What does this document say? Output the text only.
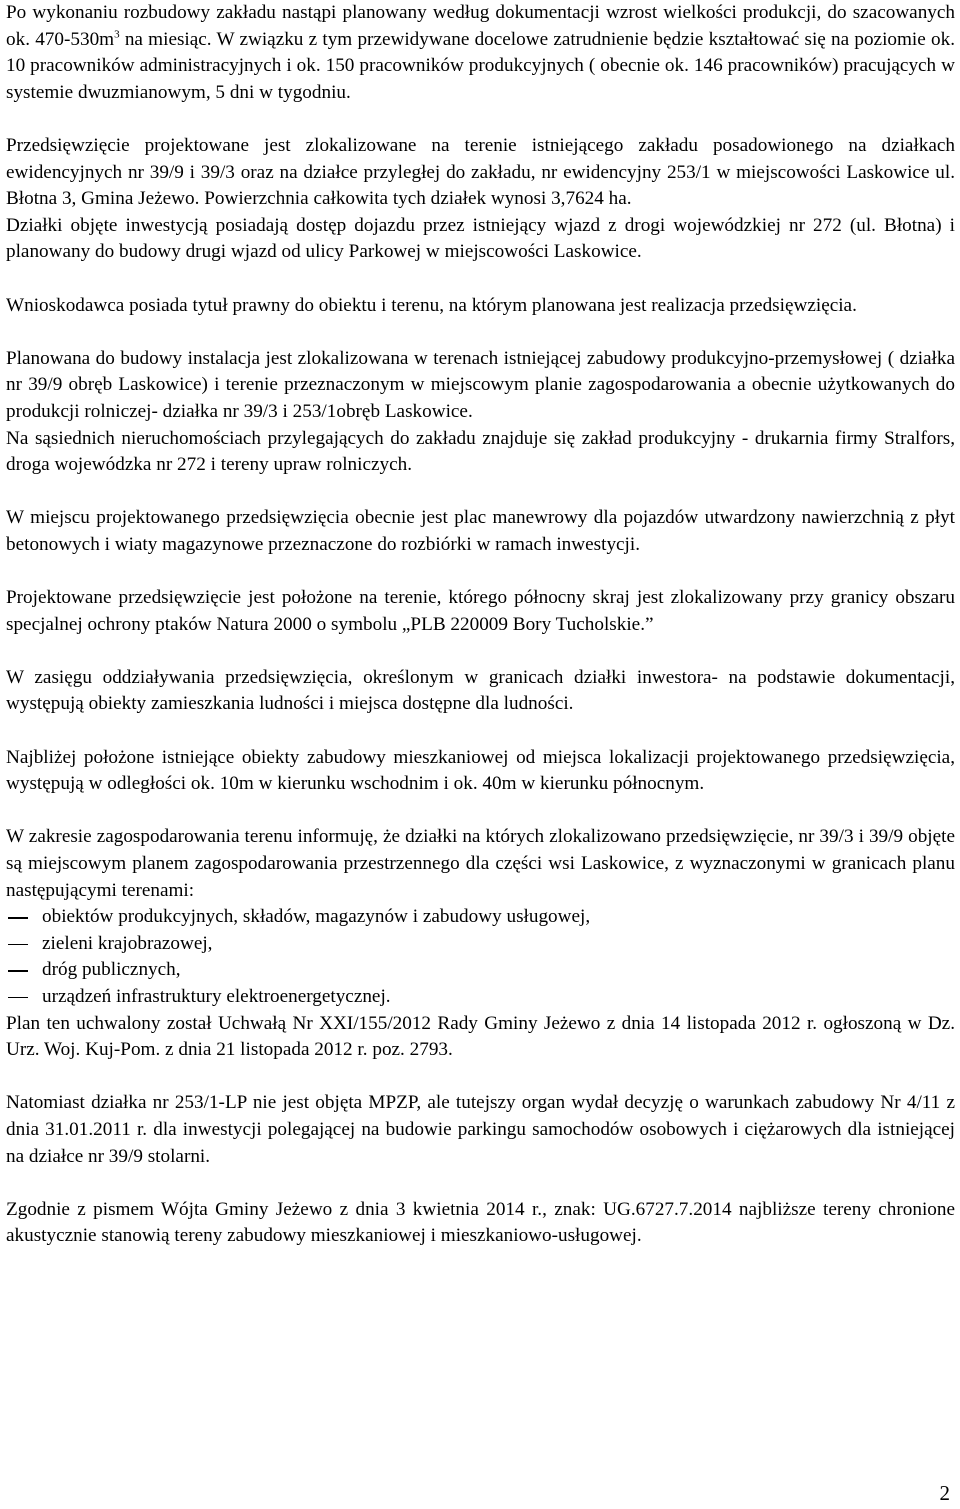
Po wykonaniu rozbudowy zakładu nastąpi planowany według dokumentacji wzrost wielkości produkcji, do szacowanych ok. $470-530m^3$ na miesiąc. W związku z tym przewidywane docelowe zatrudnienie będzie kształtować się na poziomie ok. 10 pracowników administracyjnych i ok. 150 pracowników produkcyjnych ( obecnie ok. 146 pracowników) pracujących w systemie dwuzmianowym, 5 dni w tygodniu.

Przedsięwzięcie projektowane jest zlokalizowane na terenie istniejącego zakładu posadowionego na działkach ewidencyjnych nr 39/9 i 39/3 oraz na działce przyległej do zakładu, nr ewidencyjny 253/1 w miejscowości Laskowice ul. Błotna 3, Gmina Jeżewo. Powierzchnia całkowita tych działek wynosi 3,7624 ha.

Działki objęte inwestycją posiadają dostęp dojazdu przez istniejący wjazd z drogi wojewódzkiej nr 272 (ul. Błotna) i planowany do budowy drugi wjazd od ulicy Parkowej w miejscowości Laskowice.

Wnioskodawca posiada tytuł prawny do obiektu i terenu, na którym planowana jest realizacja przedsięwzięcia.

Planowana do budowy instalacja jest zlokalizowana w terenach istniejącej zabudowy produkcyjno-przemysłowej ( działka nr 39/9 obręb Laskowice) i terenie przeznaczonym w miejscowym planie zagospodarowania a obecnie użytkowanych do produkcji rolniczej- działka nr 39/3 i 253/1obręb Laskowice.

Na sąsiednich nieruchomościach przylegających do zakładu znajduje się zakład produkcyjny - drukarnia firmy Stralfors, droga wojewódzka nr 272 i tereny upraw rolniczych.

W miejscu projektowanego przedsięwzięcia obecnie jest plac manewrowy dla pojazdów utwardzony nawierzchnią z płyt betonowych i wiaty magazynowe przeznaczone do rozbiórki w ramach inwestycji.

Projektowane przedsięwzięcie jest położone na terenie, którego północny skraj jest zlokalizowany przy granicy obszaru specjalnej ochrony ptaków Natura 2000 o symbolu „PLB 220009 Bory Tucholskie.”

W zasięgu oddziaływania przedsięwzięcia, określonym w granicach działki inwestora- na podstawie dokumentacji, występują obiekty zamieszkania ludności i miejsca dostępne dla ludności.

Najbliżej położone istniejące obiekty zabudowy mieszkaniowej od miejsca lokalizacji projektowanego przedsięwzięcia, występują w odległości ok. 10m w kierunku wschodnim i ok. 40m w kierunku północnym.

W zakresie zagospodarowania terenu informuję, że działki na których zlokalizowano przedsięwzięcie, nr 39/3 i 39/9 objęte są miejscowym planem zagospodarowania przestrzennego dla części wsi Laskowice, z wyznaczonymi w granicach planu następującymi terenami:

obiektów produkcyjnych, składów, magazynów i zabudowy usługowej,
zieleni krajobrazowej,
dróg publicznych,
urządzeń infrastruktury elektroenergetycznej.

Plan ten uchwalony został Uchwałą Nr XXI/155/2012 Rady Gminy Jeżewo z dnia 14 listopada 2012 r. ogłoszoną w Dz. Urz. Woj. Kuj-Pom. z dnia 21 listopada 2012 r. poz. 2793.

Natomiast działka nr 253/1-LP nie jest objęta MPZP, ale tutejszy organ wydał decyzję o warunkach zabudowy Nr 4/11 z dnia 31.01.2011 r. dla inwestycji polegającej na budowie parkingu samochodów osobowych i ciężarowych dla istniejącej na działce nr 39/9 stolarni.

Zgodnie z pismem Wójta Gminy Jeżewo z dnia 3 kwietnia 2014 r., znak: UG.6727.7.2014 najbliższe tereny chronione akustycznie stanowią tereny zabudowy mieszkaniowej i mieszkaniowo-usługowej.

2
